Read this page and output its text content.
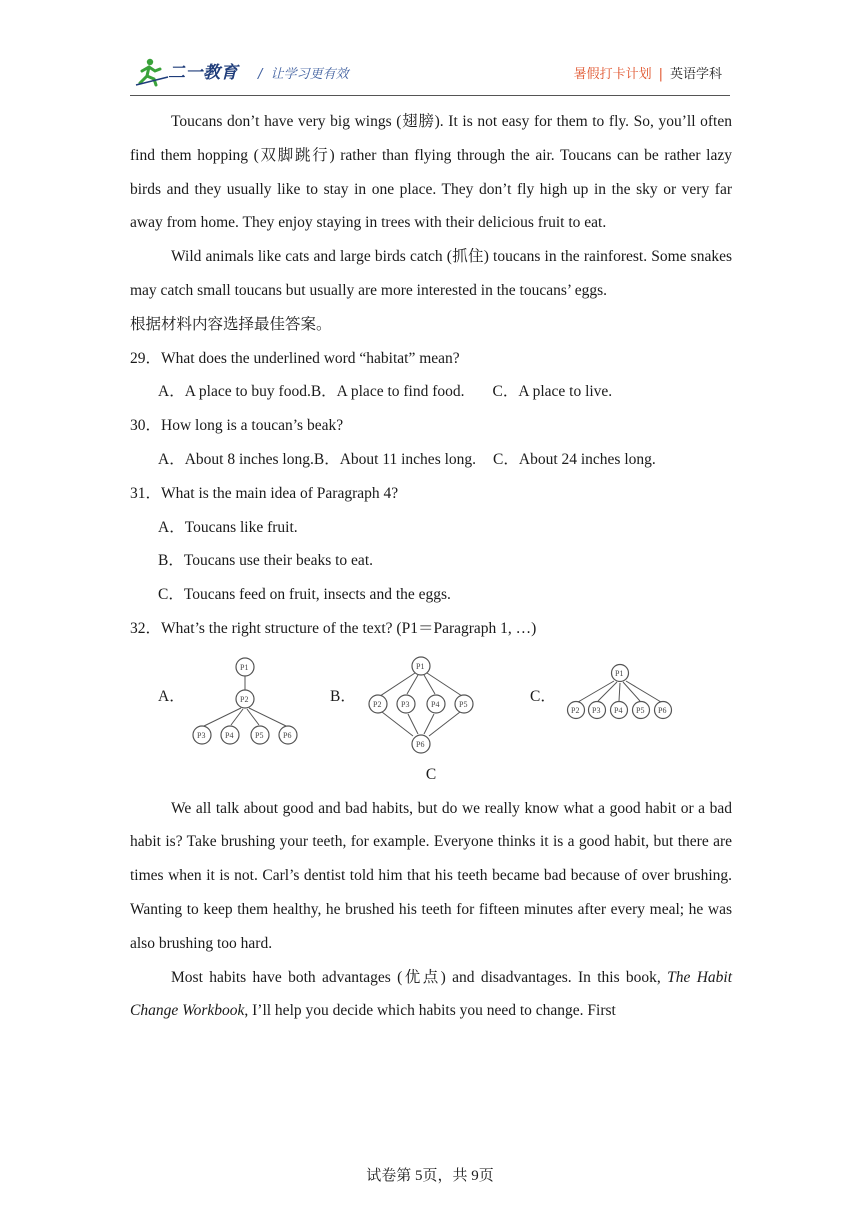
二一教育 /  让学习更有效	暑假打卡计划 | 英语学科

Toucans don’t have very big wings (翅膀). It is not easy for them to fly. So, you’ll often find them hopping (双脚跳行) rather than flying through the air. Toucans can be rather lazy birds and they usually like to stay in one place. They don’t fly high up in the sky or very far away from home. They enjoy staying in trees with their delicious fruit to eat.

Wild animals like cats and large birds catch (抓住) toucans in the rainforest. Some snakes may catch small toucans but usually are more interested in the toucans’ eggs.

根据材料内容选择最佳答案。

29．What does the underlined word “habitat” mean?

A．A place to buy food.B．A place to find food. C．A place to live.

30．How long is a toucan’s beak?

A．About 8 inches long.B．About 11 inches long. C．About 24 inches long.

31．What is the main idea of Paragraph 4?

A．Toucans like fruit.

B．Toucans use their beaks to eat.

C．Toucans feed on fruit, insects and the eggs.

32．What’s the right structure of the text? (P1＝Paragraph 1, …)

A．
P1
P2
P3 P4	P5 P6
B．
P1
P2 P3	P4 P5
P6
C．
P1
P2 P3 P4 P5 P6

C

We all talk about good and bad habits, but do we really know what a good habit or a bad habit is? Take brushing your teeth, for example. Everyone thinks it is a good habit, but there are times when it is not. Carl’s dentist told him that his teeth became bad because of over brushing. Wanting to keep them healthy, he brushed his teeth for fifteen minutes after every meal; he was also brushing too hard.

Most habits have both advantages (优点) and disadvantages. In this book, The Habit Change Workbook, I’ll help you decide which habits you need to change. First

试卷第 5页，共 9页
